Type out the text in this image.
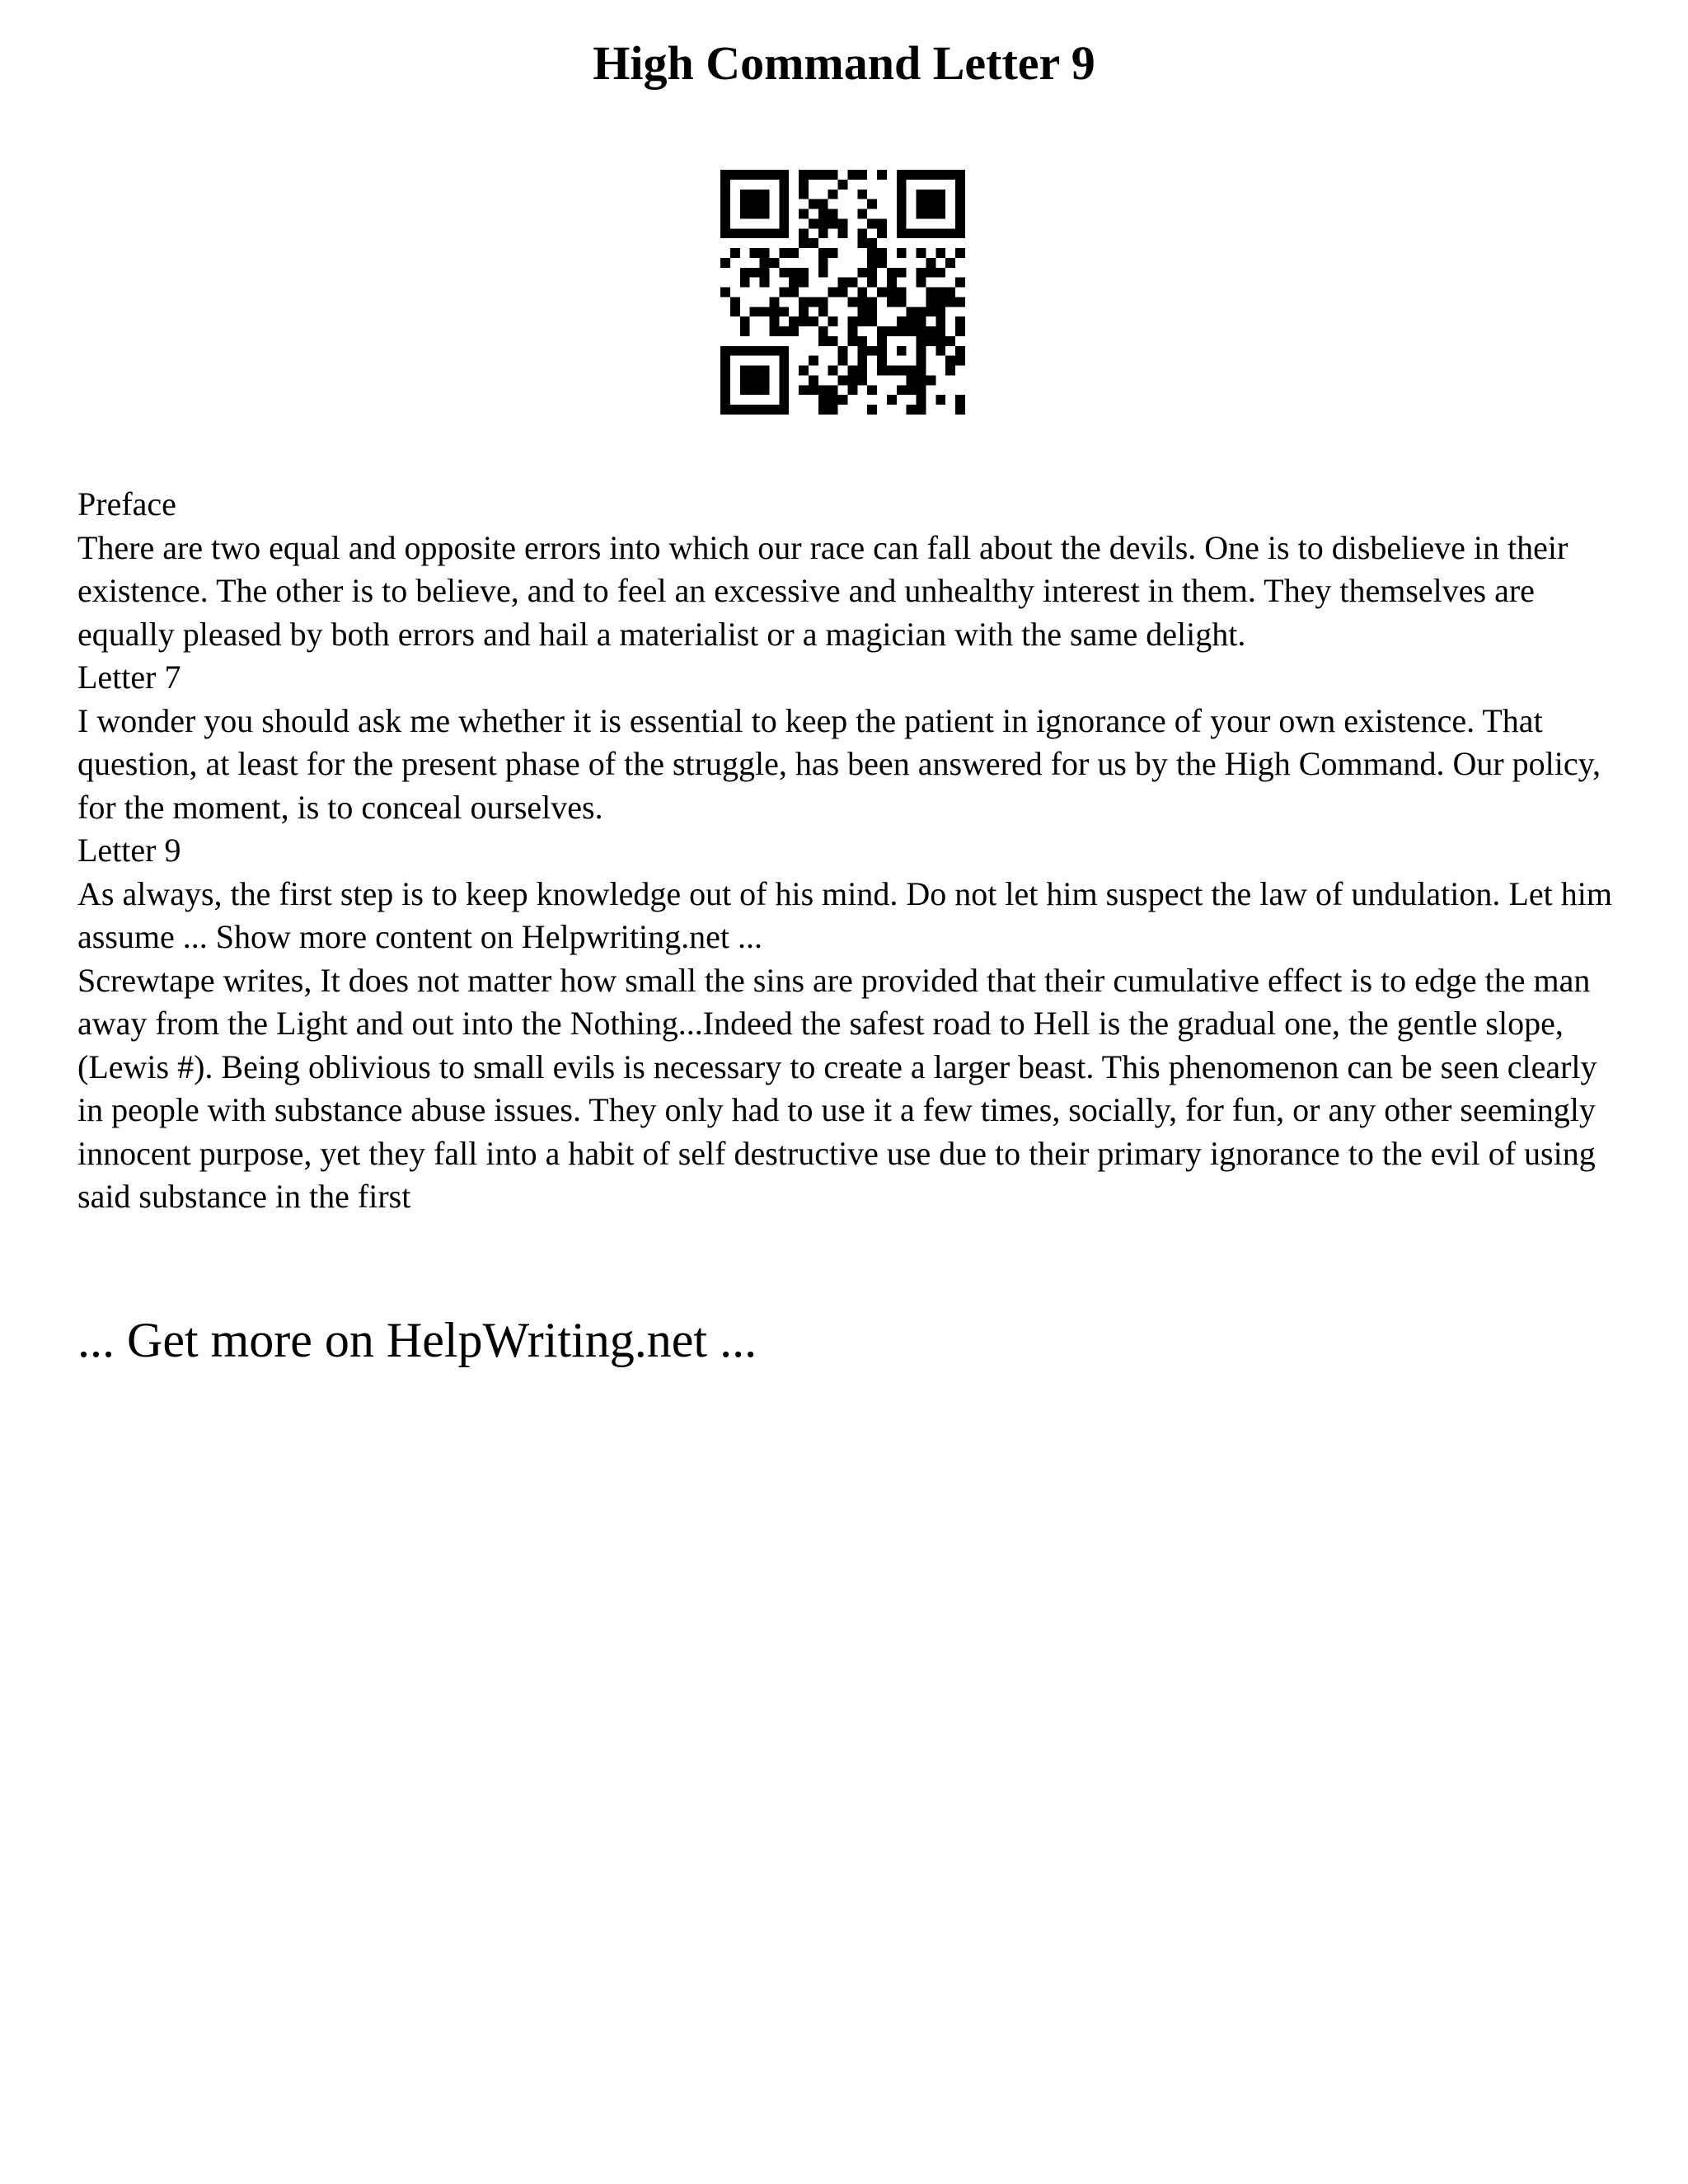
High Command Letter 9

Preface

There are two equal and opposite errors into which our race can fall about the devils. One is to disbelieve in their existence. The other is to believe, and to feel an excessive and unhealthy interest in them. They themselves are equally pleased by both errors and hail a materialist or a magician with the same delight.

Letter 7

I wonder you should ask me whether it is essential to keep the patient in ignorance of your own existence. That question, at least for the present phase of the struggle, has been answered for us by the High Command. Our policy, for the moment, is to conceal ourselves.

Letter 9

As always, the first step is to keep knowledge out of his mind. Do not let him suspect the law of undulation. Let him assume ... Show more content on Helpwriting.net ...

Screwtape writes, It does not matter how small the sins are provided that their cumulative effect is to edge the man away from the Light and out into the Nothing...Indeed the safest road to Hell is the gradual one, the gentle slope, (Lewis #). Being oblivious to small evils is necessary to create a larger beast. This phenomenon can be seen clearly in people with substance abuse issues. They only had to use it a few times, socially, for fun, or any other seemingly innocent purpose, yet they fall into a habit of self destructive use due to their primary ignorance to the evil of using said substance in the first

... Get more on HelpWriting.net ...
